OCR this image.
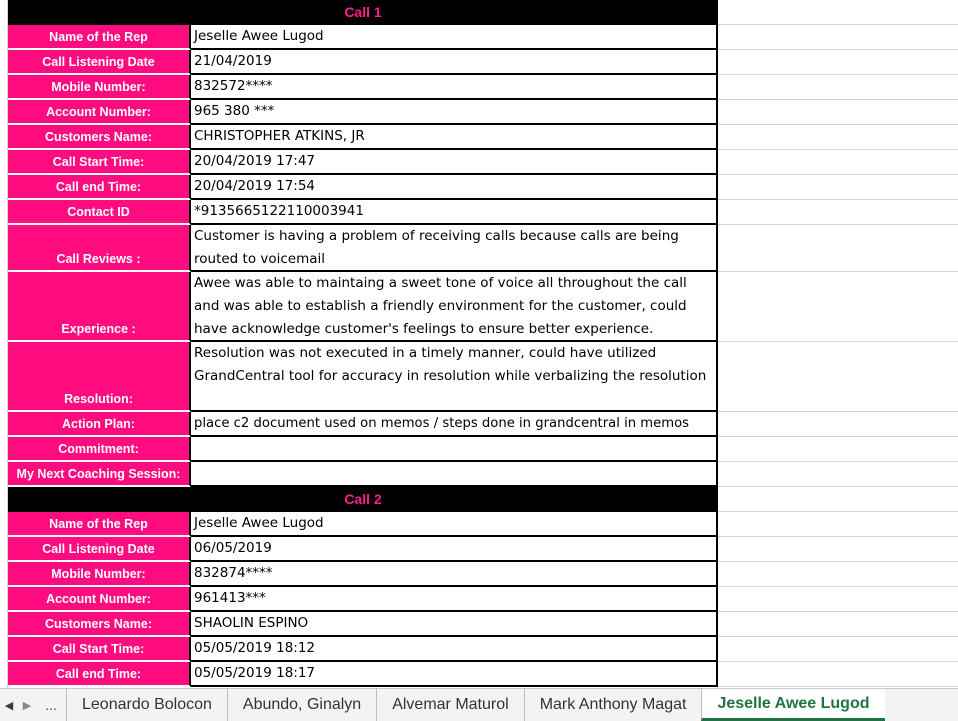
Call 1
Name of the Rep	Jeselle Awee Lugod
Call Listening Date	21/04/2019
Mobile Number:	832572****
Account Number:	965 380 ***
Customers Name:	CHRISTOPHER ATKINS, JR
Call Start Time:	20/04/2019 17:47
Call end Time:	20/04/2019 17:54
Contact ID	*9135665122110003941
Call Reviews :
Customer is having a problem of receiving calls because calls are being routed to voicemail
Experience :
Awee was able to maintaing a sweet tone of voice all throughout the call and was able to establish a friendly environment for the customer, could have acknowledge customer's feelings to ensure better experience.
Resolution:
Resolution was not executed in a timely manner, could have utilized GrandCentral tool for accuracy in resolution while verbalizing the resolution
Action Plan:	place c2 document used on memos / steps done in grandcentral in memos
Commitment:
My Next Coaching Session:
Call 2
Name of the Rep	Jeselle Awee Lugod
Call Listening Date	06/05/2019
Mobile Number:	832874****
Account Number:	961413***
Customers Name:	SHAOLIN ESPINO
Call Start Time:	05/05/2019 18:12
Call end Time:	05/05/2019 18:17
◀ ▶ ...	Leonardo Bolocon	Abundo, Ginalyn	Alvemar Maturol	Mark Anthony Magat	Jeselle Awee Lugod
